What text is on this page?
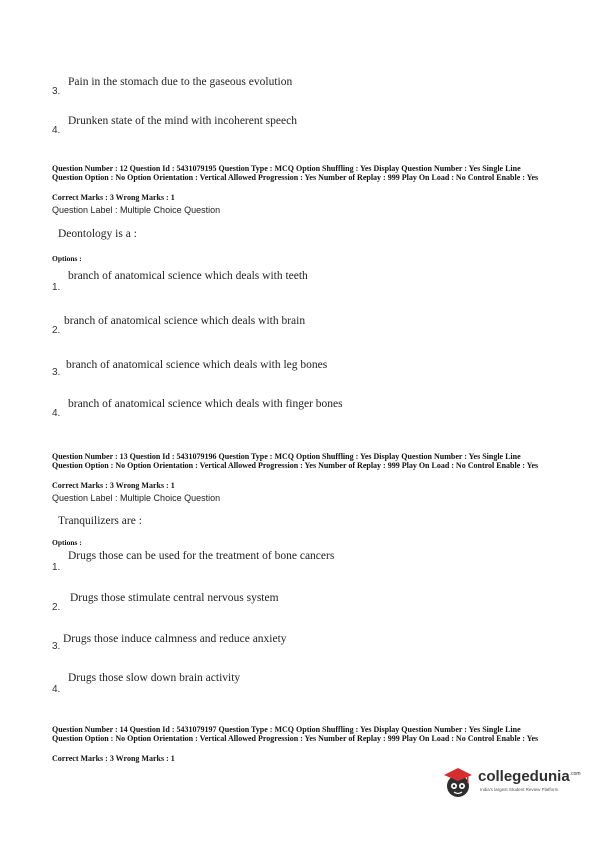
3.
Pain in the stomach due to the gaseous evolution
4.
Drunken state of the mind with incoherent speech

Question Number : 12 Question Id : 5431079195 Question Type : MCQ Option Shuffling : Yes Display Question Number : Yes Single Line Question Option : No Option Orientation : Vertical Allowed Progression : Yes Number of Replay : 999 Play On Load : No Control Enable : Yes

Correct Marks : 3 Wrong Marks : 1

Question Label : Multiple Choice Question

Deontology is a :

Options :

1.
branch of anatomical science which deals with teeth
2.
branch of anatomical science which deals with brain
3.
branch of anatomical science which deals with leg bones
4.
branch of anatomical science which deals with finger bones

Question Number : 13 Question Id : 5431079196 Question Type : MCQ Option Shuffling : Yes Display Question Number : Yes Single Line Question Option : No Option Orientation : Vertical Allowed Progression : Yes Number of Replay : 999 Play On Load : No Control Enable : Yes

Correct Marks : 3 Wrong Marks : 1

Question Label : Multiple Choice Question

Tranquilizers are :

Options :

1.
Drugs those can be used for the treatment of bone cancers
2.
Drugs those stimulate central nervous system
3.
Drugs those induce calmness and reduce anxiety
4.
Drugs those slow down brain activity

Question Number : 14 Question Id : 5431079197 Question Type : MCQ Option Shuffling : Yes Display Question Number : Yes Single Line Question Option : No Option Orientation : Vertical Allowed Progression : Yes Number of Replay : 999 Play On Load : No Control Enable : Yes

Correct Marks : 3 Wrong Marks : 1

collegedunia$^{.com}$
India's largest Student Review Platform
